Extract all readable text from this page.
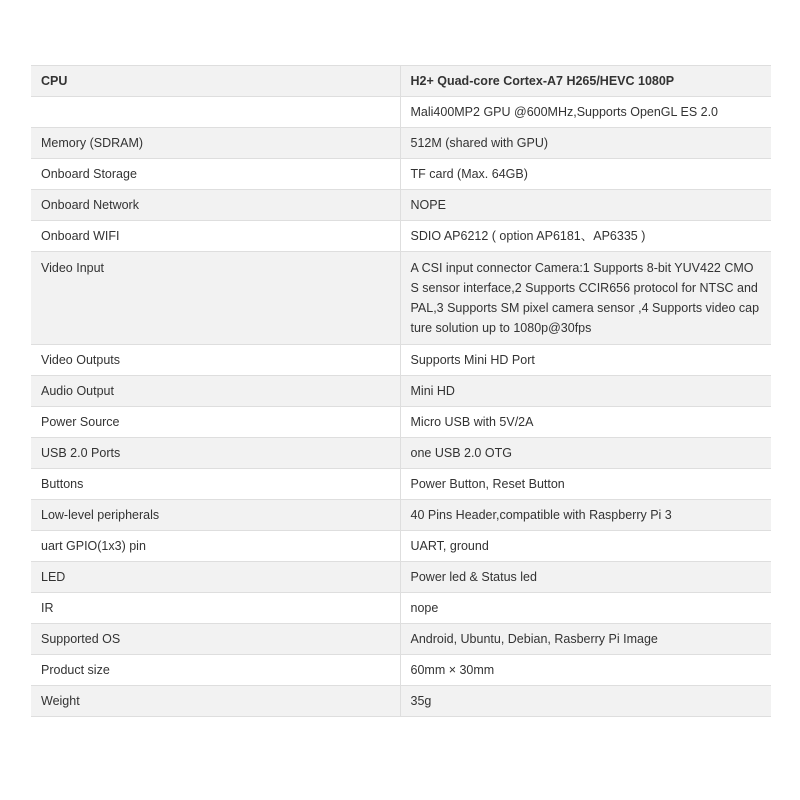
CPU	H2+ Quad-core Cortex-A7 H265/HEVC 1080P
	Mali400MP2 GPU @600MHz,Supports OpenGL ES 2.0
Memory (SDRAM)	512M (shared with GPU)
Onboard Storage	TF card (Max. 64GB)
Onboard Network	NOPE
Onboard WIFI	SDIO AP6212 ( option AP6181、AP6335 )
Video Input	A CSI input connector Camera:1 Supports 8-bit YUV422 CMOS sensor interface,2 Supports CCIR656 protocol for NTSC and PAL,3 Supports SM pixel camera sensor ,4 Supports video capture solution up to 1080p@30fps
Video Outputs	Supports Mini HD Port
Audio Output	Mini HD
Power Source	Micro USB with 5V/2A
USB 2.0 Ports	one USB 2.0 OTG
Buttons	Power Button, Reset Button
Low-level peripherals	40 Pins Header,compatible with Raspberry Pi 3
uart GPIO(1x3) pin	UART, ground
LED	Power led & Status led
IR	nope
Supported OS	Android, Ubuntu, Debian, Rasberry Pi Image
Product size	60mm × 30mm
Weight	35g
